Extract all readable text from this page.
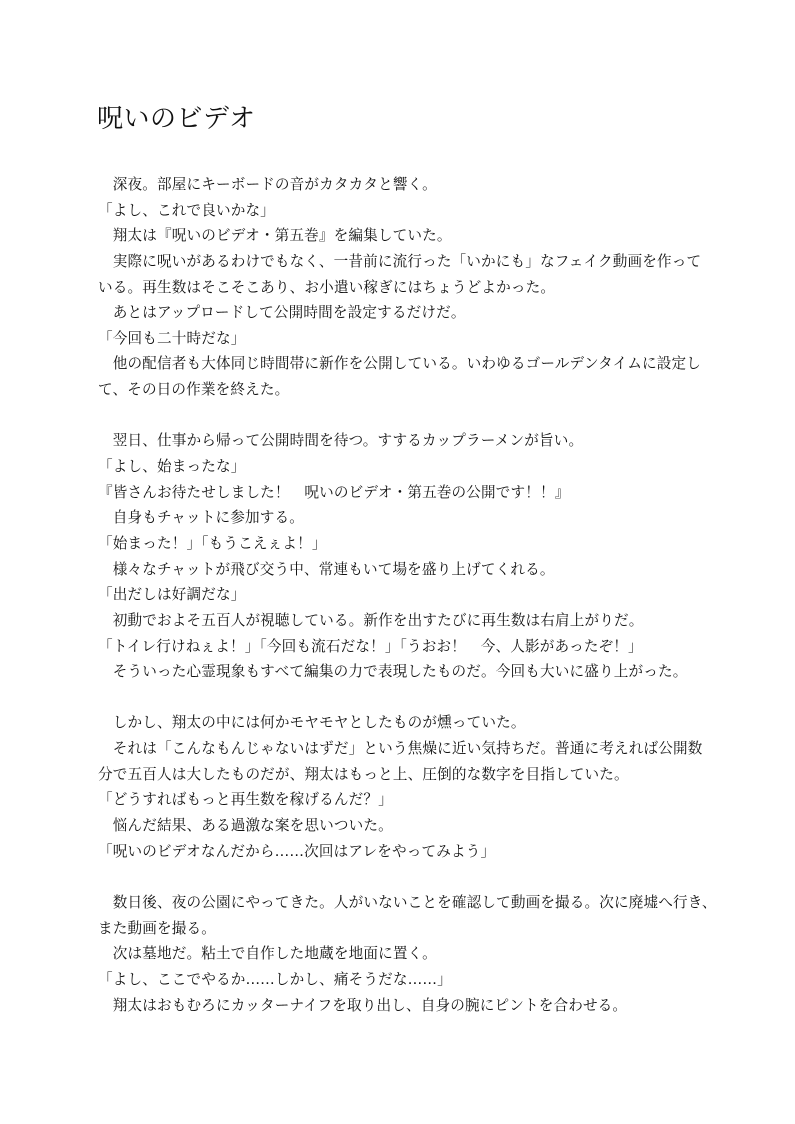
呪いのビデオ
　深夜。部屋にキーボードの音がカタカタと響く。
「よし、これで良いかな」
　翔太は『呪いのビデオ・第五巻』を編集していた。
　実際に呪いがあるわけでもなく、一昔前に流行った「いかにも」なフェイク動画を作って
いる。再生数はそこそこあり、お小遣い稼ぎにはちょうどよかった。
　あとはアップロードして公開時間を設定するだけだ。
「今回も二十時だな」
　他の配信者も大体同じ時間帯に新作を公開している。いわゆるゴールデンタイムに設定し
て、その日の作業を終えた。
　翌日、仕事から帰って公開時間を待つ。すするカップラーメンが旨い。
「よし、始まったな」
『皆さんお待たせしました！　呪いのビデオ・第五巻の公開です！！』
　自身もチャットに参加する。
「始まった！」「もうこえぇよ！」
　様々なチャットが飛び交う中、常連もいて場を盛り上げてくれる。
「出だしは好調だな」
　初動でおよそ五百人が視聴している。新作を出すたびに再生数は右肩上がりだ。
「トイレ行けねぇよ！」「今回も流石だな！」「うおお！　今、人影があったぞ！」
　そういった心霊現象もすべて編集の力で表現したものだ。今回も大いに盛り上がった。
　しかし、翔太の中には何かモヤモヤとしたものが燻っていた。
　それは「こんなもんじゃないはずだ」という焦燥に近い気持ちだ。普通に考えれば公開数
分で五百人は大したものだが、翔太はもっと上、圧倒的な数字を目指していた。
「どうすればもっと再生数を稼げるんだ？」
　悩んだ結果、ある過激な案を思いついた。
「呪いのビデオなんだから……次回はアレをやってみよう」
　数日後、夜の公園にやってきた。人がいないことを確認して動画を撮る。次に廃墟へ行き、
また動画を撮る。
　次は墓地だ。粘土で自作した地蔵を地面に置く。
「よし、ここでやるか……しかし、痛そうだな……」
　翔太はおもむろにカッターナイフを取り出し、自身の腕にピントを合わせる。
